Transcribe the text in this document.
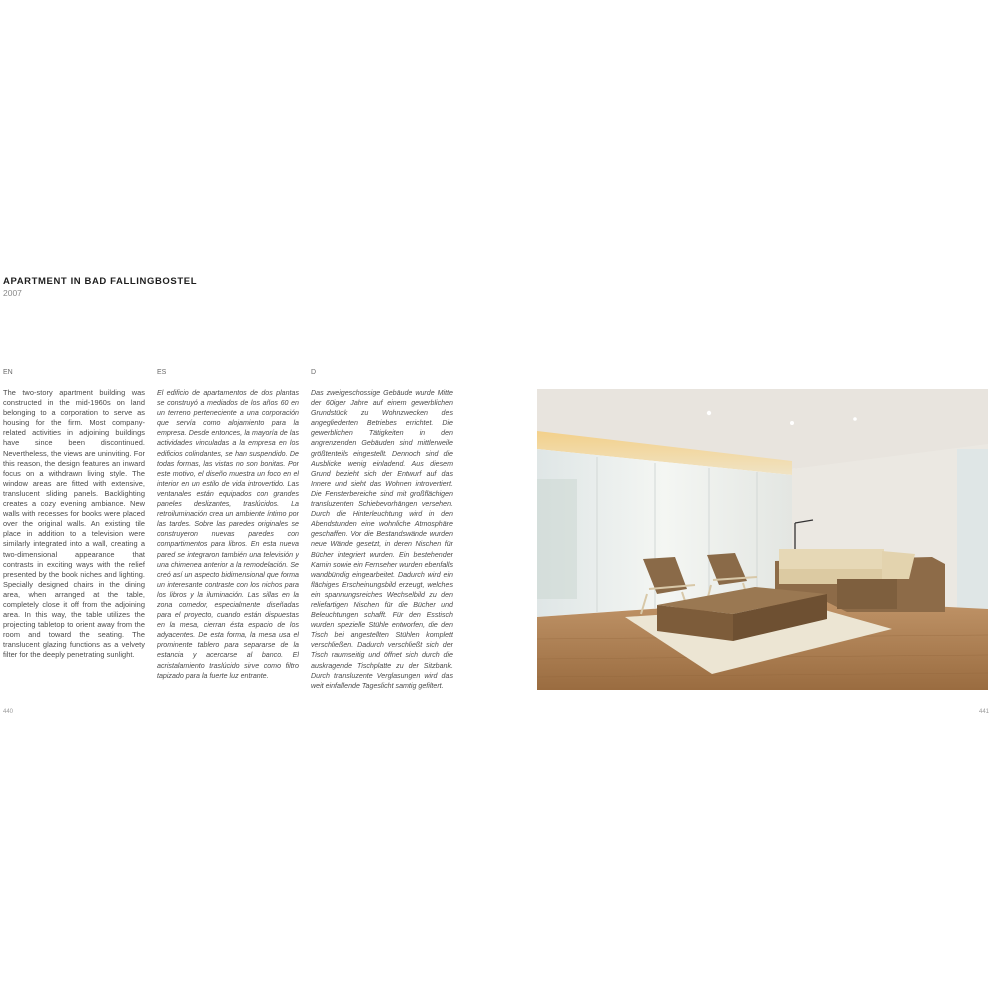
APARTMENT IN BAD FALLINGBOSTEL
2007
EN	ES	D

The two-story apartment building was constructed in the mid-1960s on land belonging to a corporation to serve as housing for the firm. Most company-related activities in adjoining buildings have since been discontinued. Nevertheless, the views are uninviting. For this reason, the design features an inward focus on a withdrawn living style. The window areas are fitted with extensive, translucent sliding panels. Backlighting creates a cozy evening ambiance. New walls with recesses for books were placed over the original walls. An existing tile place in addition to a television were similarly integrated into a wall, creating a two-dimensional appearance that contrasts in exciting ways with the relief presented by the book niches and lighting. Specially designed chairs in the dining area, when arranged at the table, completely close it off from the adjoining area. In this way, the table utilizes the projecting tabletop to orient away from the room and toward the seating. The translucent glazing functions as a velvety filter for the deeply penetrating sunlight.

El edificio de apartamentos de dos plantas se construyó a mediados de los años 60 en un terreno perteneciente a una corporación que servía como alojamiento para la empresa. Desde entonces, la mayoría de las actividades vinculadas a la empresa en los edificios colindantes, se han suspendido. De todas formas, las vistas no son bonitas. Por este motivo, el diseño muestra un foco en el interior en un estilo de vida introvertido. Las ventanales están equipados con grandes paneles deslizantes, traslúcidos. La retroiluminación crea un ambiente íntimo por las tardes. Sobre las paredes originales se construyeron nuevas paredes con compartimentos para libros. En esta nueva pared se integraron también una televisión y una chimenea anterior a la remodelación. Se creó así un aspecto bidimensional que forma un interesante contraste con los nichos para los libros y la iluminación. Las sillas en la zona comedor, especialmente diseñadas para el proyecto, cuando están dispuestas en la mesa, cierran ésta espacio de los adyacentes. De esta forma, la mesa usa el prominente tablero para separarse de la estancia y acercarse al banco. El acristalamiento traslúcido sirve como filtro tapizado para la fuerte luz entrante.

Das zweigeschossige Gebäude wurde Mitte der 60iger Jahre auf einem gewerblichen Grundstück zu Wohnzwecken des angegliederten Betriebes errichtet. Die gewerblichen Tätigkeiten in den angrenzenden Gebäuden sind mittlerweile größtenteils eingestellt. Dennoch sind die Ausblicke wenig einladend. Aus diesem Grund bezieht sich der Entwurf auf das Innere und sieht das Wohnen introvertiert. Die Fensterbereiche sind mit großflächigen transluzenten Schiebevorhängen versehen. Durch die Hinterleuchtung wird in den Abendstunden eine wohnliche Atmosphäre geschaffen. Vor die Bestandswände wurden neue Wände gesetzt, in deren Nischen für Bücher integriert wurden. Ein bestehender Kamin sowie ein Fernseher wurden ebenfalls wandbündig eingearbeitet. Dadurch wird ein flächiges Erscheinungsbild erzeugt, welches ein spannungsreiches Wechselbild zu den reliefartigen Nischen für die Bücher und Beleuchtungen schafft. Für den Esstisch wurden spezielle Stühle entworfen, die den Tisch bei angestellten Stühlen komplett verschließen. Dadurch verschließt sich der Tisch raumseitig und öffnet sich durch die auskragende Tischplatte zu der Sitzbank. Durch transluzente Verglasungen wird das weit einfallende Tageslicht samtig gefiltert.

440	441
